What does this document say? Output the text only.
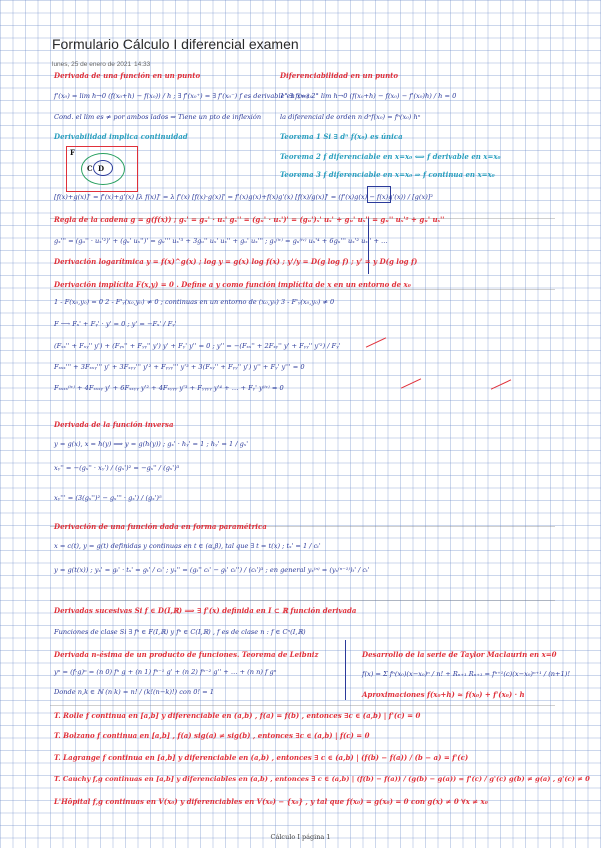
Formulario Cálculo I diferencial examen
lunes, 25 de enero de 2021 14:33
F
C D
Derivada de una función en un punto
f'(x₀) = lim h→0 (f(x₀+h) − f(x₀)) / h ; ∃ f'(x₀⁺) = ∃ f'(x₀⁻) f es derivable en x=x₀
Diferenciabilidad en un punto
1° ∃ f(x₀) 2° lim h→0 (f(x₀+h) − f(x₀) − f'(x₀)h) / h = 0
Cond. el lim es ≠ por ambos lados ⇒ Tiene un pto de inflexión	la diferencial de orden n dⁿf(x₀) = fⁿ(x₀) hⁿ
Derivabilidad implica continuidad	Teorema 1 Si ∃ dⁿ f(x₀) es única
Teorema 2 f diferenciable en x=x₀ ⟺ f derivable en x=x₀
Teorema 3 f diferenciable en x=x₀ ⇒ f continua en x=x₀
[f(x)+g(x)]' = f'(x)+g'(x) [λ f(x)]' = λ f'(x) [f(x)·g(x)]' = f'(x)g(x)+f(x)g'(x) [f(x)/g(x)]' = (f'(x)g(x) − f(x)g'(x)) / [g(x)]²
Regla de la cadena g = g(f(x)) ; gₓ' = gᵤ' · uₓ' gₓ'' = (gᵤ' · uₓ')' = (gᵤ')ₓ' uₓ' + gᵤ' uₓ'' = gᵤ'' uₓ'² + gᵤ' uₓ''
gₓ''' = (gᵤ'' · uₓ'²)' + (gᵤ' uₓ'')' = gᵤ''' uₓ'³ + 3gᵤ'' uₓ' uₓ'' + gᵤ' uₓ''' ; gₓ⁽ⁱᵛ⁾ = gᵤ⁽ⁱᵛ⁾ uₓ'⁴ + 6gᵤ''' uₓ'² uₓ'' + …
Derivación logarítmica y = f(x)^g(x) ; log y = g(x) log f(x) ; y'/y = D(g log f) ; y' = y D(g log f)
Derivación implícita F(x,y) = 0 . Define a y como función implícita de x en un entorno de x₀
1 - F(x₀,y₀) = 0 2 - F'ᵧ(x₀,y₀) ≠ 0 ; continuas en un entorno de (x₀,y₀) 3 - F'ᵧ(x₀,y₀) ≠ 0
F ⟶ Fₓ' + Fᵧ' · y' = 0 ; y' = −Fₓ' / Fᵧ'
(Fₓₓ'' + Fₓᵧ'' y') + (Fᵧₓ'' + Fᵧᵧ'' y') y' + Fᵧ' y'' = 0 ; y'' = −(Fₓₓ'' + 2Fₓᵧ'' y' + Fᵧᵧ'' y'²) / Fᵧ'
Fₓₓₓ''' + 3Fₓₓᵧ''' y' + 3Fₓᵧᵧ''' y'² + Fᵧᵧᵧ''' y'³ + 3(Fₓᵧ'' + Fᵧᵧ'' y') y'' + Fᵧ' y''' = 0
Fₓₓₓₓ⁽ⁱᵛ⁾ + 4Fₓₓₓᵧ y' + 6Fₓₓᵧᵧ y'² + 4Fₓᵧᵧᵧ y'³ + Fᵧᵧᵧᵧ y'⁴ + … + Fᵧ' y⁽ⁱᵛ⁾ = 0
Derivada de la función inversa
y = g(x), x = h(y) ⟹ y = g(h(y)) ; gₓ' · hᵧ' = 1 ; hᵧ' = 1 / gₓ'
xᵧ'' = −(gₓ'' · xᵧ') / (gₓ')² = −gₓ'' / (gₓ')³
xᵧ''' = (3(gₓ'')² − gₓ''' · gₓ') / (gₓ')⁵
Derivación de una función dada en forma paramétrica
x = c(t), y = g(t) definidas y continuas en t ∈ (α,β), tal que ∃ t = t(x) ; tₓ' = 1 / cₜ'
y = g(t(x)) ; yₓ' = gₜ' · tₓ' = gₜ' / cₜ' ; yₓ'' = (gₜ'' cₜ' − gₜ' cₜ'') / (cₜ')³ ; en general yₓ⁽ⁿ⁾ = (yₓ⁽ⁿ⁻¹⁾)ₜ' / cₜ'
Derivadas sucesivas Si f ∈ D(I,ℝ) ⟹ ∃ f'(x) definida en I ⊂ ℝ función derivada
Funciones de clase Si ∃ fⁿ ∈ F(I,ℝ) y fⁿ ∈ C(I,ℝ) , f es de clase n : f ∈ Cⁿ(I,ℝ)
Derivada n-ésima de un producto de funciones. Teorema de Leibniz
yⁿ = (f·g)ⁿ = (n 0) fⁿ g + (n 1) fⁿ⁻¹ g' + (n 2) fⁿ⁻² g'' + … + (n n) f gⁿ
Donde n,k ∈ ℕ (n k) = n! / (k!(n−k)!) con 0! = 1
Desarrollo de la serie de Taylor Maclaurin en x=0
f(x) = Σ fⁿ(x₀)(x−x₀)ⁿ / n! + Rₙ₊₁ Rₙ₊₁ = fⁿ⁺¹(c)(x−x₀)ⁿ⁺¹ / (n+1)!
Aproximaciones f(x₀+h) ≈ f(x₀) + f'(x₀) · h
T. Rolle f continua en [a,b] y diferenciable en (a,b) , f(a) = f(b) , entonces ∃c ∈ (a,b) | f'(c) = 0
T. Bolzano f continua en [a,b] , f(a) sig(a) ≠ sig(b) , entonces ∃c ∈ (a,b) | f(c) = 0
T. Lagrange f continua en [a,b] y diferenciable en (a,b) , entonces ∃ c ∈ (a,b) | (f(b) − f(a)) / (b − a) = f'(c)
T. Cauchy f,g continuas en [a,b] y diferenciables en (a,b) , entonces ∃ c ∈ (a,b) | (f(b) − f(a)) / (g(b) − g(a)) = f'(c) / g'(c) g(b) ≠ g(a) , g'(c) ≠ 0
L'Hôpital f,g continuas en V(x₀) y diferenciables en V(x₀) − {x₀} , y tal que f(x₀) = g(x₀) = 0 con g(x) ≠ 0 ∀x ≠ x₀
Cálculo I página 1
